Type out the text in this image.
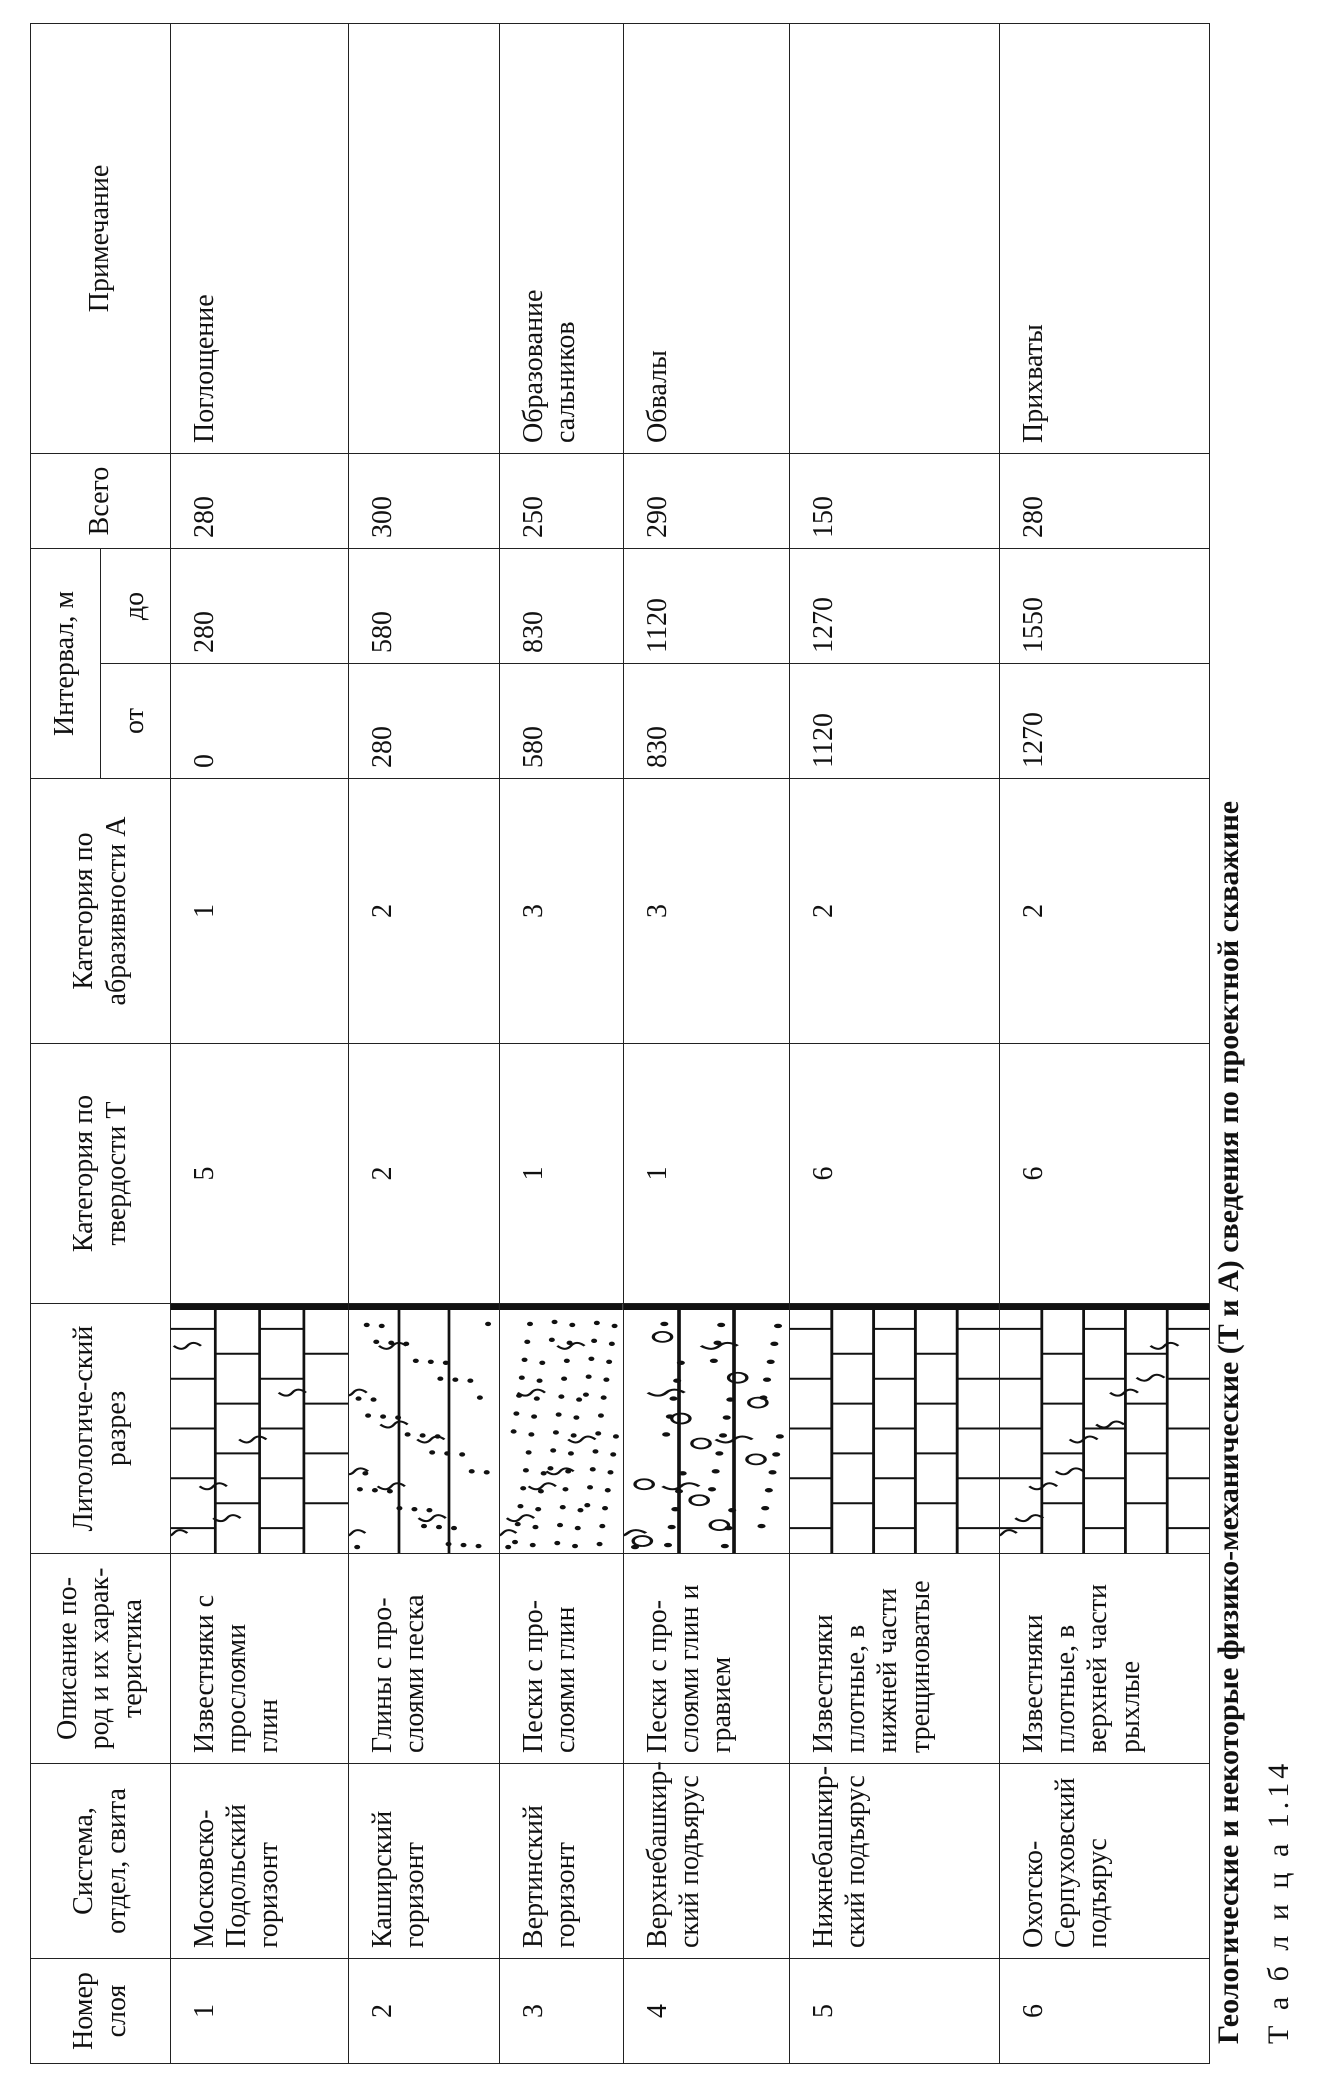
Т а б л и ц а 1.14
Геологические и некоторые физико-механические (Т и А) сведения по проектной скважине
Номер слоя	Система, отдел, свита	Описание по-род и их харак-теристика	Литологиче-ский разрез	Категория по твердости Т	Категория по абразивности А	Интервал, м		Всего	Примечание
						от	до		
1	Московско-
Подольский
горизонт	Известняки с
прослоями
глин		5	1	0	280	280	Поглощение
2	Каширский
горизонт	Глины с про-
слоями песка		2	2	280	580	300	
3	Вертинский
горизонт	Пески с про-
слоями глин		1	3	580	830	250	Образование
сальников
4	Верхнебашкир-
ский подъярус	Пески с про-
слоями глин и
гравием		1	3	830	1120	290	Обвалы
5	Нижнебашкир-
ский подъярус	Известняки
плотные, в
нижней части
трещиноватые		6	2	1120	1270	150	
6	Охотско-
Серпуховский
подъярус	Известняки
плотные, в
верхней части
рыхлые		6	2	1270	1550	280	Прихваты
